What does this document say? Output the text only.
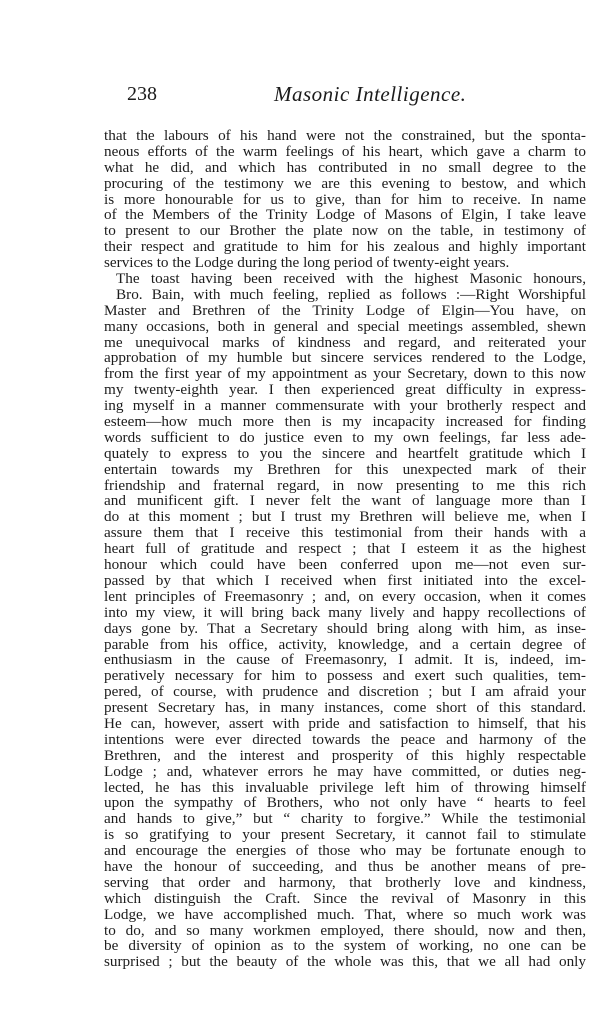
238	Masonic Intelligence.
that the labours of his hand were not the constrained, but the sponta-
neous efforts of the warm feelings of his heart, which gave a charm to
what he did, and which has contributed in no small degree to the
procuring of the testimony we are this evening to bestow, and which
is more honourable for us to give, than for him to receive. In name
of the Members of the Trinity Lodge of Masons of Elgin, I take leave
to present to our Brother the plate now on the table, in testimony of
their respect and gratitude to him for his zealous and highly important
services to the Lodge during the long period of twenty-eight years.
The toast having been received with the highest Masonic honours,
Bro. Bain, with much feeling, replied as follows :—Right Worshipful
Master and Brethren of the Trinity Lodge of Elgin—You have, on
many occasions, both in general and special meetings assembled, shewn
me unequivocal marks of kindness and regard, and reiterated your
approbation of my humble but sincere services rendered to the Lodge,
from the first year of my appointment as your Secretary, down to this now
my twenty-eighth year. I then experienced great difficulty in express-
ing myself in a manner commensurate with your brotherly respect and
esteem—how much more then is my incapacity increased for finding
words sufficient to do justice even to my own feelings, far less ade-
quately to express to you the sincere and heartfelt gratitude which I
entertain towards my Brethren for this unexpected mark of their
friendship and fraternal regard, in now presenting to me this rich
and munificent gift. I never felt the want of language more than I
do at this moment ; but I trust my Brethren will believe me, when I
assure them that I receive this testimonial from their hands with a
heart full of gratitude and respect ; that I esteem it as the highest
honour which could have been conferred upon me—not even sur-
passed by that which I received when first initiated into the excel-
lent principles of Freemasonry ; and, on every occasion, when it comes
into my view, it will bring back many lively and happy recollections of
days gone by. That a Secretary should bring along with him, as inse-
parable from his office, activity, knowledge, and a certain degree of
enthusiasm in the cause of Freemasonry, I admit. It is, indeed, im-
peratively necessary for him to possess and exert such qualities, tem-
pered, of course, with prudence and discretion ; but I am afraid your
present Secretary has, in many instances, come short of this standard.
He can, however, assert with pride and satisfaction to himself, that his
intentions were ever directed towards the peace and harmony of the
Brethren, and the interest and prosperity of this highly respectable
Lodge ; and, whatever errors he may have committed, or duties neg-
lected, he has this invaluable privilege left him of throwing himself
upon the sympathy of Brothers, who not only have “ hearts to feel
and hands to give,” but “ charity to forgive.” While the testimonial
is so gratifying to your present Secretary, it cannot fail to stimulate
and encourage the energies of those who may be fortunate enough to
have the honour of succeeding, and thus be another means of pre-
serving that order and harmony, that brotherly love and kindness,
which distinguish the Craft. Since the revival of Masonry in this
Lodge, we have accomplished much. That, where so much work was
to do, and so many workmen employed, there should, now and then,
be diversity of opinion as to the system of working, no one can be
surprised ; but the beauty of the whole was this, that we all had only
